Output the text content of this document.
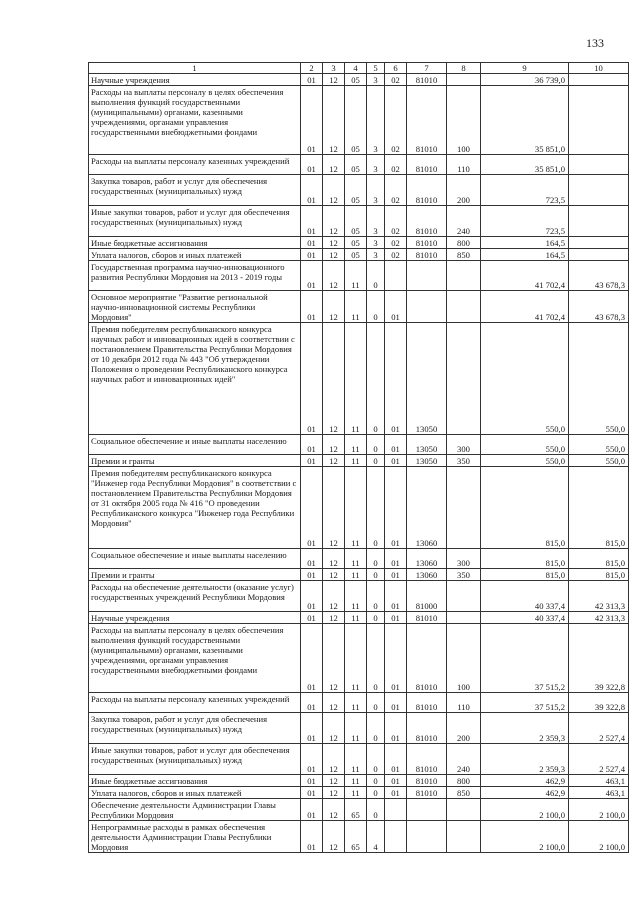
133
1	2	3	4	5	6	7	8	9	10
Научные учреждения	01	12	05	3	02	81010		36 739,0	
Расходы на выплаты персоналу в целях обеспечения выполнения функций государственными (муниципальными) органами, казенными учреждениями, органами управления государственными внебюджетными фондами	01	12	05	3	02	81010	100	35 851,0	
Расходы на выплаты персоналу казенных учреждений	01	12	05	3	02	81010	110	35 851,0	
Закупка товаров, работ и услуг для обеспечения государственных (муниципальных) нужд	01	12	05	3	02	81010	200	723,5	
Иные закупки товаров, работ и услуг для обеспечения государственных (муниципальных) нужд	01	12	05	3	02	81010	240	723,5	
Иные бюджетные ассигнования	01	12	05	3	02	81010	800	164,5	
Уплата налогов, сборов и иных платежей	01	12	05	3	02	81010	850	164,5	
Государственная программа научно-инновационного развития Республики Мордовия на 2013 - 2019 годы	01	12	11	0				41 702,4	43 678,3
Основное мероприятие "Развитие региональной научно-инновационной системы Республики Мордовия"	01	12	11	0	01			41 702,4	43 678,3
Премия победителям республиканского конкурса научных работ и инновационных идей в соответствии с постановлением Правительства Республики Мордовия от 10 декабря 2012 года № 443 "Об утверждении Положения о проведении Республиканского конкурса научных работ и инновационных идей"	01	12	11	0	01	13050		550,0	550,0
Социальное обеспечение и иные выплаты населению	01	12	11	0	01	13050	300	550,0	550,0
Премии и гранты	01	12	11	0	01	13050	350	550,0	550,0
Премия победителям республиканского конкурса "Инженер года Республики Мордовия" в соответствии с постановлением Правительства Республики Мордовия от 31 октября 2005 года № 416 "О проведении Республиканского конкурса "Инженер года Республики Мордовия"	01	12	11	0	01	13060		815,0	815,0
Социальное обеспечение и иные выплаты населению	01	12	11	0	01	13060	300	815,0	815,0
Премии и гранты	01	12	11	0	01	13060	350	815,0	815,0
Расходы на обеспечение деятельности (оказание услуг) государственных учреждений Республики Мордовия	01	12	11	0	01	81000		40 337,4	42 313,3
Научные учреждения	01	12	11	0	01	81010		40 337,4	42 313,3
Расходы на выплаты персоналу в целях обеспечения выполнения функций государственными (муниципальными) органами, казенными учреждениями, органами управления государственными внебюджетными фондами	01	12	11	0	01	81010	100	37 515,2	39 322,8
Расходы на выплаты персоналу казенных учреждений	01	12	11	0	01	81010	110	37 515,2	39 322,8
Закупка товаров, работ и услуг для обеспечения государственных (муниципальных) нужд	01	12	11	0	01	81010	200	2 359,3	2 527,4
Иные закупки товаров, работ и услуг для обеспечения государственных (муниципальных) нужд	01	12	11	0	01	81010	240	2 359,3	2 527,4
Иные бюджетные ассигнования	01	12	11	0	01	81010	800	462,9	463,1
Уплата налогов, сборов и иных платежей	01	12	11	0	01	81010	850	462,9	463,1
Обеспечение деятельности Администрации Главы Республики Мордовия	01	12	65	0				2 100,0	2 100,0
Непрограммные расходы в рамках обеспечения деятельности Администрации Главы Республики Мордовия	01	12	65	4				2 100,0	2 100,0
